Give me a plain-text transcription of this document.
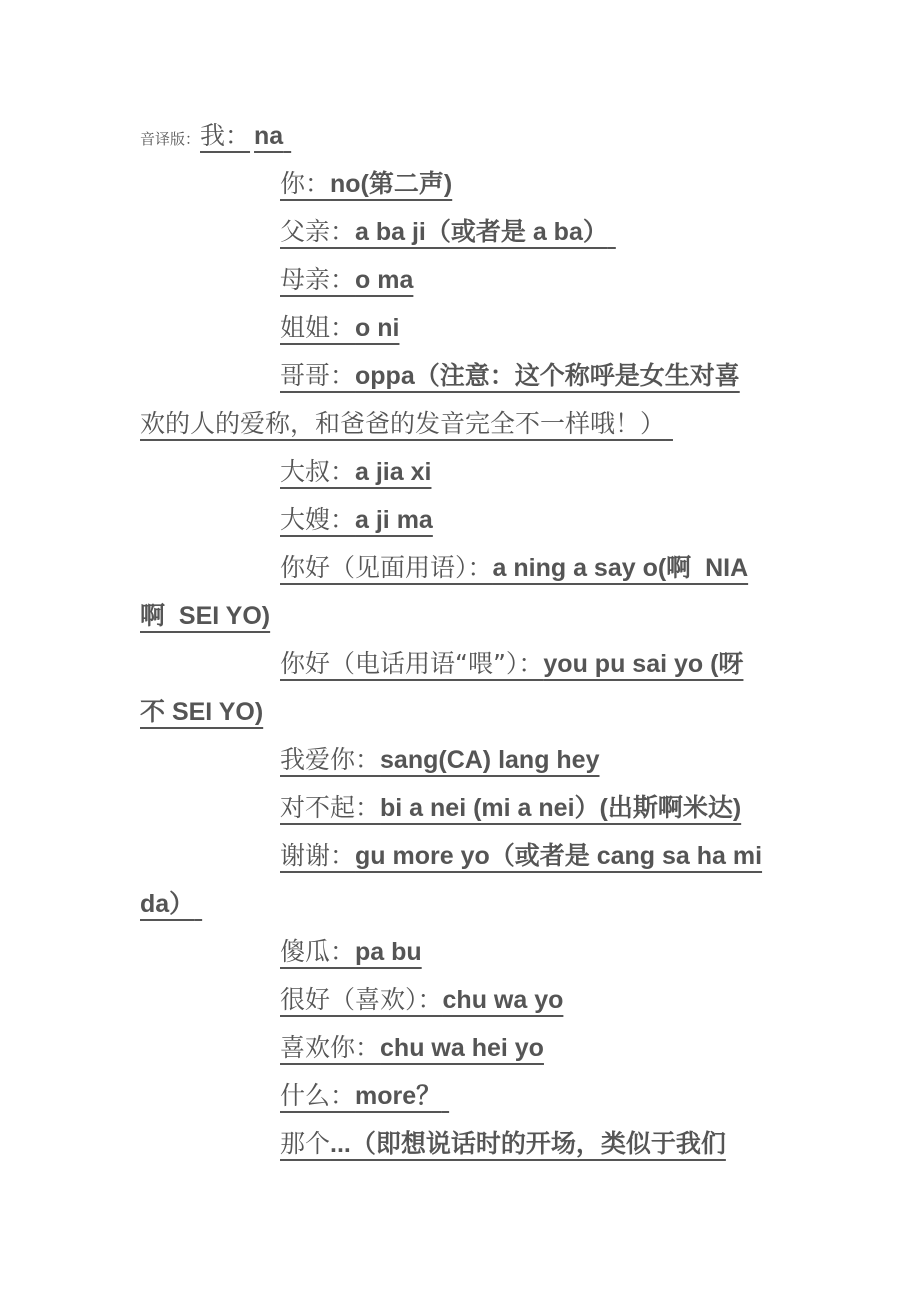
音译版：我： na
你：no(第二声)
父亲：a ba ji（或者是 a ba）
母亲：o ma
姐姐：o ni
哥哥：oppa（注意：这个称呼是女生对喜
欢的人的爱称，和爸爸的发音完全不一样哦！）
大叔：a jia xi
大嫂：a ji ma
你好（见面用语）：a ning a say o(啊  NIA
啊  SEI YO)
你好（电话用语“喂”）：you pu sai yo (呀
不 SEI YO)
我爱你：sang(CA) lang hey
对不起：bi a nei (mi a nei）(出斯啊米达)
谢谢：gu more yo（或者是 cang sa ha mi
da）
傻瓜：pa bu
很好（喜欢）：chu wa yo
喜欢你：chu wa hei yo
什么：more？
那个...（即想说话时的开场，类似于我们
